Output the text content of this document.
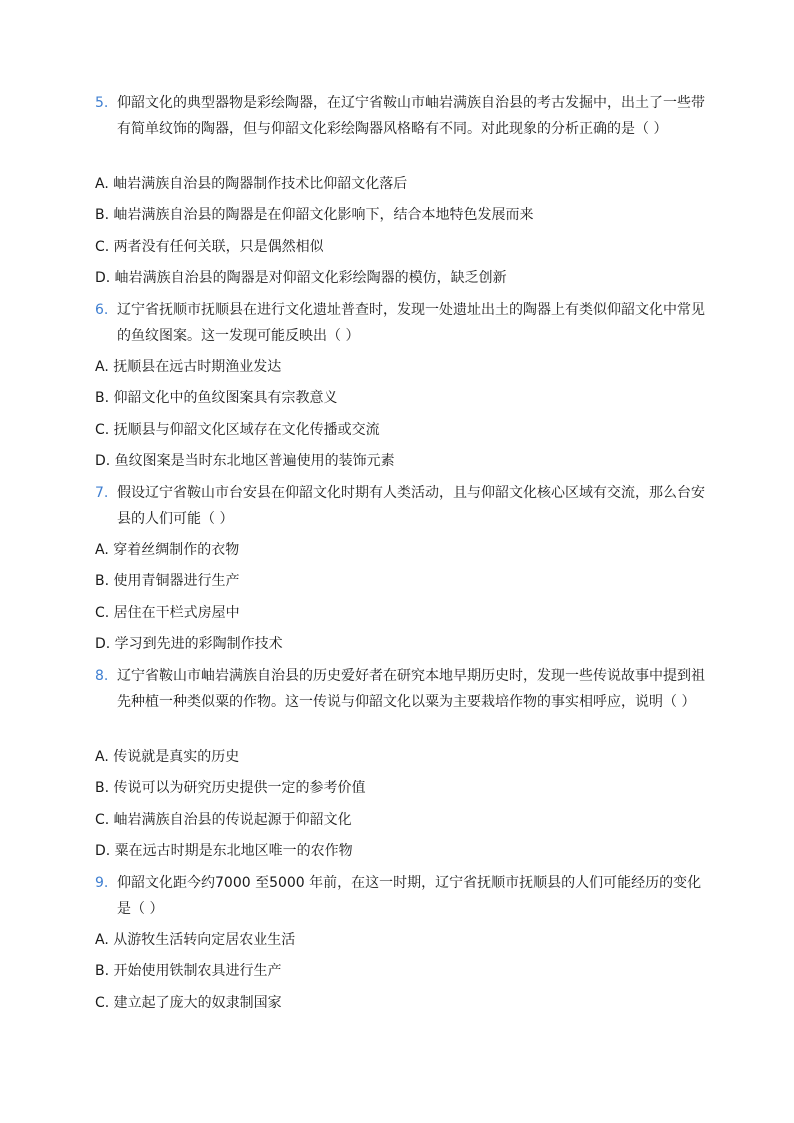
5. 仰韶文化的典型器物是彩绘陶器，在辽宁省鞍山市岫岩满族自治县的考古发掘中，出土了一些带有简单纹饰的陶器，但与仰韶文化彩绘陶器风格略有不同。对此现象的分析正确的是（ ）
A. 岫岩满族自治县的陶器制作技术比仰韶文化落后
B. 岫岩满族自治县的陶器是在仰韶文化影响下，结合本地特色发展而来
C. 两者没有任何关联，只是偶然相似
D. 岫岩满族自治县的陶器是对仰韶文化彩绘陶器的模仿，缺乏创新
6. 辽宁省抚顺市抚顺县在进行文化遗址普查时，发现一处遗址出土的陶器上有类似仰韶文化中常见的鱼纹图案。这一发现可能反映出（ ）
A. 抚顺县在远古时期渔业发达
B. 仰韶文化中的鱼纹图案具有宗教意义
C. 抚顺县与仰韶文化区域存在文化传播或交流
D. 鱼纹图案是当时东北地区普遍使用的装饰元素
7. 假设辽宁省鞍山市台安县在仰韶文化时期有人类活动，且与仰韶文化核心区域有交流，那么台安县的人们可能（ ）
A. 穿着丝绸制作的衣物
B. 使用青铜器进行生产
C. 居住在干栏式房屋中
D. 学习到先进的彩陶制作技术
8. 辽宁省鞍山市岫岩满族自治县的历史爱好者在研究本地早期历史时，发现一些传说故事中提到祖先种植一种类似粟的作物。这一传说与仰韶文化以粟为主要栽培作物的事实相呼应，说明（ ）
A. 传说就是真实的历史
B. 传说可以为研究历史提供一定的参考价值
C. 岫岩满族自治县的传说起源于仰韶文化
D. 粟在远古时期是东北地区唯一的农作物
9. 仰韶文化距今约7000 至5000 年前，在这一时期，辽宁省抚顺市抚顺县的人们可能经历的变化是（ ）
A. 从游牧生活转向定居农业生活
B. 开始使用铁制农具进行生产
C. 建立起了庞大的奴隶制国家
